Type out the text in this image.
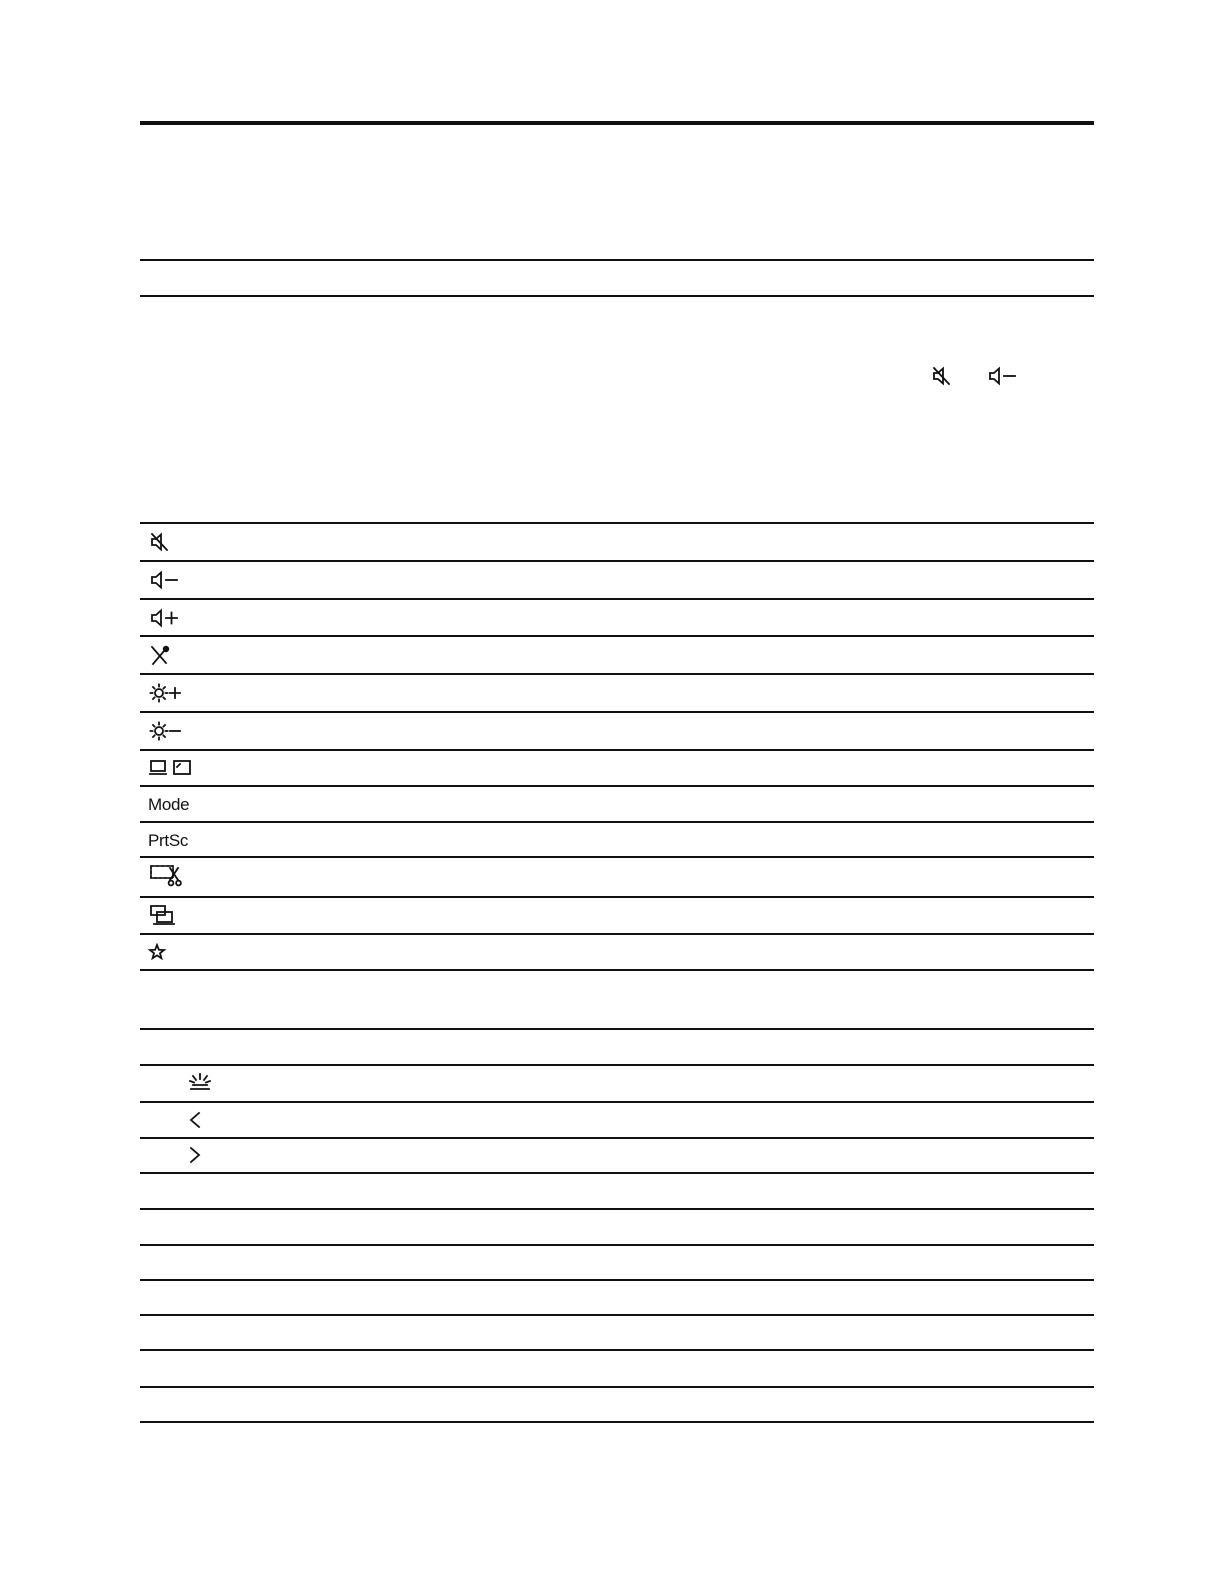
Mode
PrtSc
